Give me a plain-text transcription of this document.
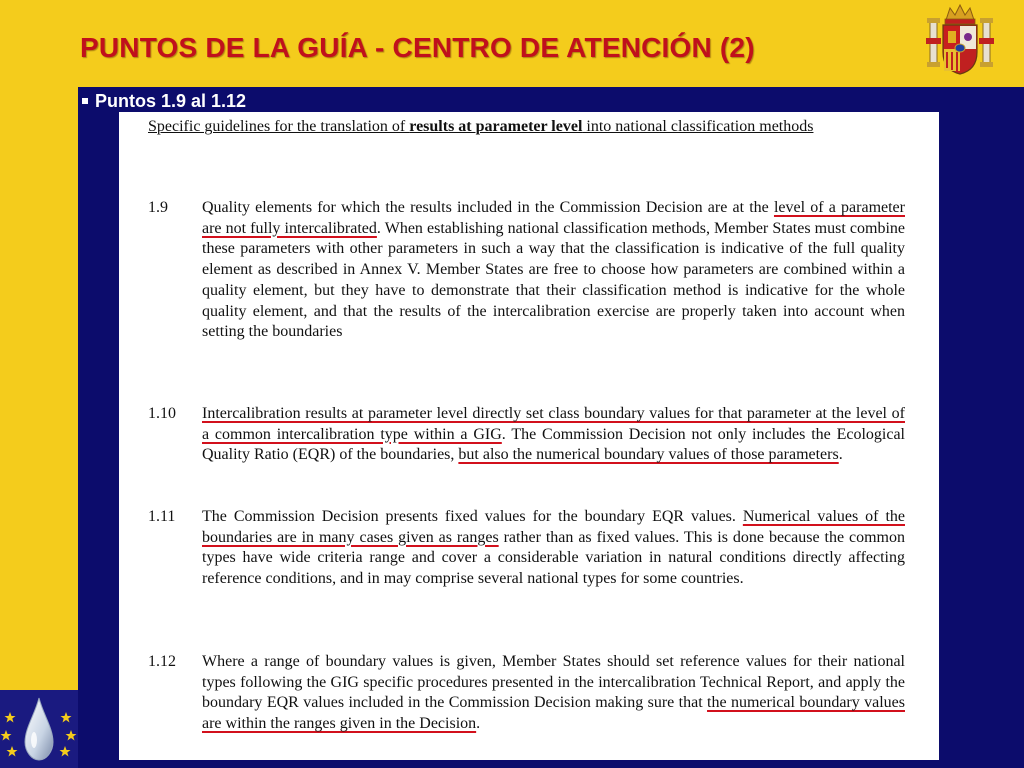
PUNTOS DE LA GUÍA - CENTRO DE ATENCIÓN (2)
Puntos 1.9 al 1.12
Specific guidelines for the translation of results at parameter level into national classification methods
1.9 Quality elements for which the results included in the Commission Decision are at the level of a parameter are not fully intercalibrated. When establishing national classification methods, Member States must combine these parameters with other parameters in such a way that the classification is indicative of the full quality element as described in Annex V. Member States are free to choose how parameters are combined within a quality element, but they have to demonstrate that their classification method is indicative for the whole quality element, and that the results of the intercalibration exercise are properly taken into account when setting the boundaries
1.10 Intercalibration results at parameter level directly set class boundary values for that parameter at the level of a common intercalibration type within a GIG. The Commission Decision not only includes the Ecological Quality Ratio (EQR) of the boundaries, but also the numerical boundary values of those parameters.
1.11 The Commission Decision presents fixed values for the boundary EQR values. Numerical values of the boundaries are in many cases given as ranges rather than as fixed values. This is done because the common types have wide criteria range and cover a considerable variation in natural conditions directly affecting reference conditions, and in may comprise several national types for some countries.
1.12 Where a range of boundary values is given, Member States should set reference values for their national types following the GIG specific procedures presented in the intercalibration Technical Report, and apply the boundary EQR values included in the Commission Decision making sure that the numerical boundary values are within the ranges given in the Decision.
